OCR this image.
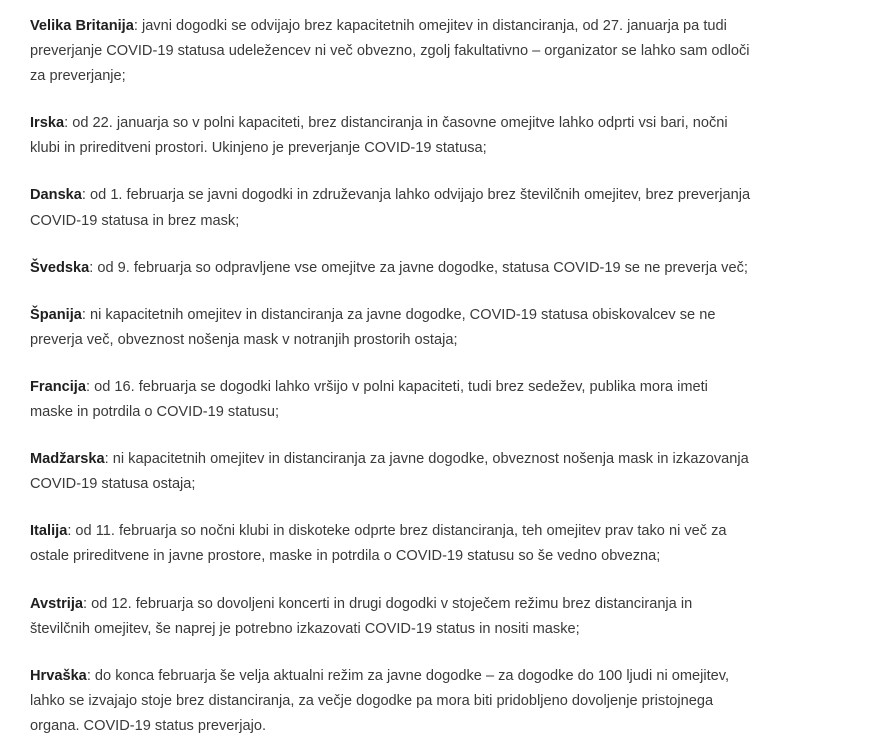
Velika Britanija: javni dogodki se odvijajo brez kapacitetnih omejitev in distanciranja, od 27. januarja pa tudi preverjanje COVID-19 statusa udeležencev ni več obvezno, zgolj fakultativno – organizator se lahko sam odloči za preverjanje;

Irska: od 22. januarja so v polni kapaciteti, brez distanciranja in časovne omejitve lahko odprti vsi bari, nočni klubi in prireditveni prostori. Ukinjeno je preverjanje COVID-19 statusa;

Danska: od 1. februarja se javni dogodki in združevanja lahko odvijajo brez številčnih omejitev, brez preverjanja COVID-19 statusa in brez mask;

Švedska: od 9. februarja so odpravljene vse omejitve za javne dogodke, statusa COVID-19 se ne preverja več;

Španija: ni kapacitetnih omejitev in distanciranja za javne dogodke, COVID-19 statusa obiskovalcev se ne preverja več, obveznost nošenja mask v notranjih prostorih ostaja;

Francija: od 16. februarja se dogodki lahko vršijo v polni kapaciteti, tudi brez sedežev, publika mora imeti maske in potrdila o COVID-19 statusu;

Madžarska: ni kapacitetnih omejitev in distanciranja za javne dogodke, obveznost nošenja mask in izkazovanja COVID-19 statusa ostaja;

Italija: od 11. februarja so nočni klubi in diskoteke odprte brez distanciranja, teh omejitev prav tako ni več za ostale prireditvene in javne prostore, maske in potrdila o COVID-19 statusu so še vedno obvezna;

Avstrija: od 12. februarja so dovoljeni koncerti in drugi dogodki v stoječem režimu brez distanciranja in številčnih omejitev, še naprej je potrebno izkazovati COVID-19 status in nositi maske;

Hrvaška: do konca februarja še velja aktualni režim za javne dogodke – za dogodke do 100 ljudi ni omejitev, lahko se izvajajo stoje brez distanciranja, za večje dogodke pa mora biti pridobljeno dovoljenje pristojnega organa. COVID-19 status preverjajo.
